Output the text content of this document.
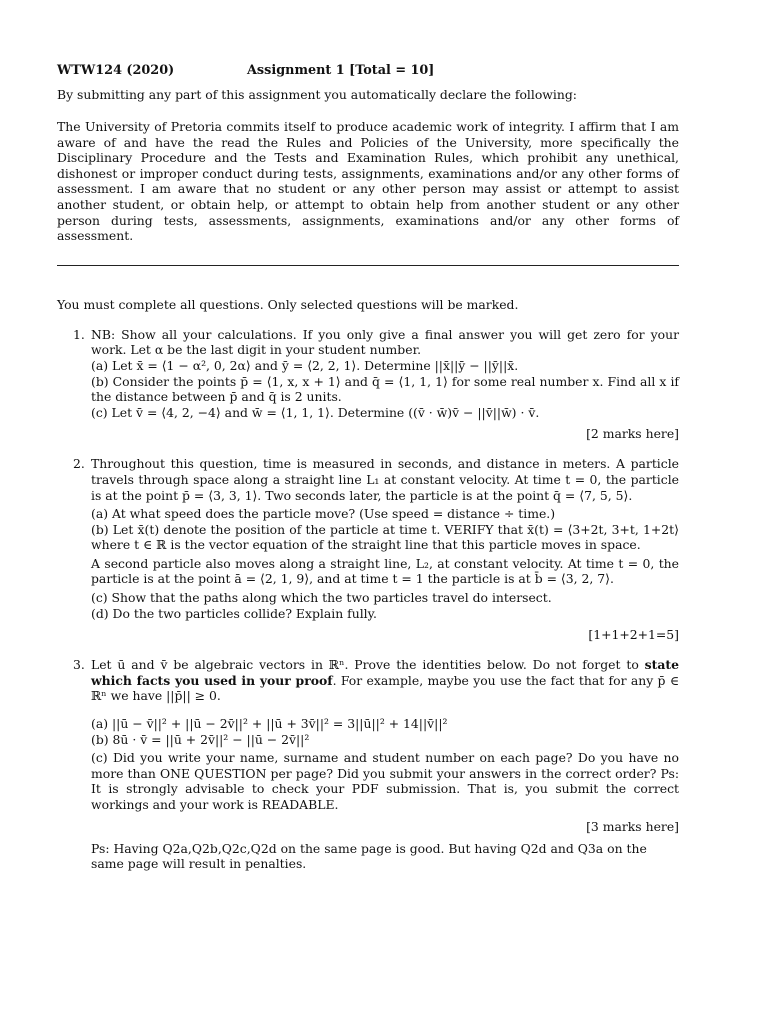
WTW124 (2020)	Assignment 1 [Total = 10]

By submitting any part of this assignment you automatically declare the following:

The University of Pretoria commits itself to produce academic work of integrity. I affirm that I am aware of and have the read the Rules and Policies of the University, more specifically the Disciplinary Procedure and the Tests and Examination Rules, which prohibit any unethical, dishonest or improper conduct during tests, assignments, examinations and/or any other forms of assessment. I am aware that no student or any other person may assist or attempt to assist another student, or obtain help, or attempt to obtain help from another student or any other person during tests, assessments, assignments, examinations and/or any other forms of assessment.

You must complete all questions. Only selected questions will be marked.

1. NB: Show all your calculations. If you only give a final answer you will get zero for your work. Let α be the last digit in your student number.
(a) Let x̄ = ⟨1 − α², 0, 2α⟩ and ȳ = ⟨2, 2, 1⟩. Determine ||x̄||ȳ − ||ȳ||x̄.
(b) Consider the points p̄ = ⟨1, x, x + 1⟩ and q̄ = ⟨1, 1, 1⟩ for some real number x. Find all x if the distance between p̄ and q̄ is 2 units.
(c) Let v̄ = ⟨4, 2, −4⟩ and w̄ = ⟨1, 1, 1⟩. Determine ((v̄ · w̄)v̄ − ||v̄||w̄) · v̄.
[2 marks here]
2. Throughout this question, time is measured in seconds, and distance in meters. A particle travels through space along a straight line L₁ at constant velocity. At time t = 0, the particle is at the point p̄ = ⟨3, 3, 1⟩. Two seconds later, the particle is at the point q̄ = ⟨7, 5, 5⟩.
(a) At what speed does the particle move? (Use speed = distance ÷ time.)
(b) Let x̄(t) denote the position of the particle at time t. VERIFY that x̄(t) = ⟨3+2t, 3+t, 1+2t⟩ where t ∈ ℝ is the vector equation of the straight line that this particle moves in space.
A second particle also moves along a straight line, L₂, at constant velocity. At time t = 0, the particle is at the point ā = ⟨2, 1, 9⟩, and at time t = 1 the particle is at b̄ = ⟨3, 2, 7⟩.
(c) Show that the paths along which the two particles travel do intersect.
(d) Do the two particles collide? Explain fully.
[1+1+2+1=5]
3. Let ū and v̄ be algebraic vectors in ℝⁿ. Prove the identities below. Do not forget to state which facts you used in your proof. For example, maybe you use the fact that for any p̄ ∈ ℝⁿ we have ||p̄|| ≥ 0.
(a) ||ū − v̄||² + ||ū − 2v̄||² + ||ū + 3v̄||² = 3||ū||² + 14||v̄||²
(b) 8ū · v̄ = ||ū + 2v̄||² − ||ū − 2v̄||²
(c) Did you write your name, surname and student number on each page? Do you have no more than ONE QUESTION per page? Did you submit your answers in the correct order? Ps: It is strongly advisable to check your PDF submission. That is, you submit the correct workings and your work is READABLE.
[3 marks here]
Ps: Having Q2a,Q2b,Q2c,Q2d on the same page is good. But having Q2d and Q3a on the same page will result in penalties.
